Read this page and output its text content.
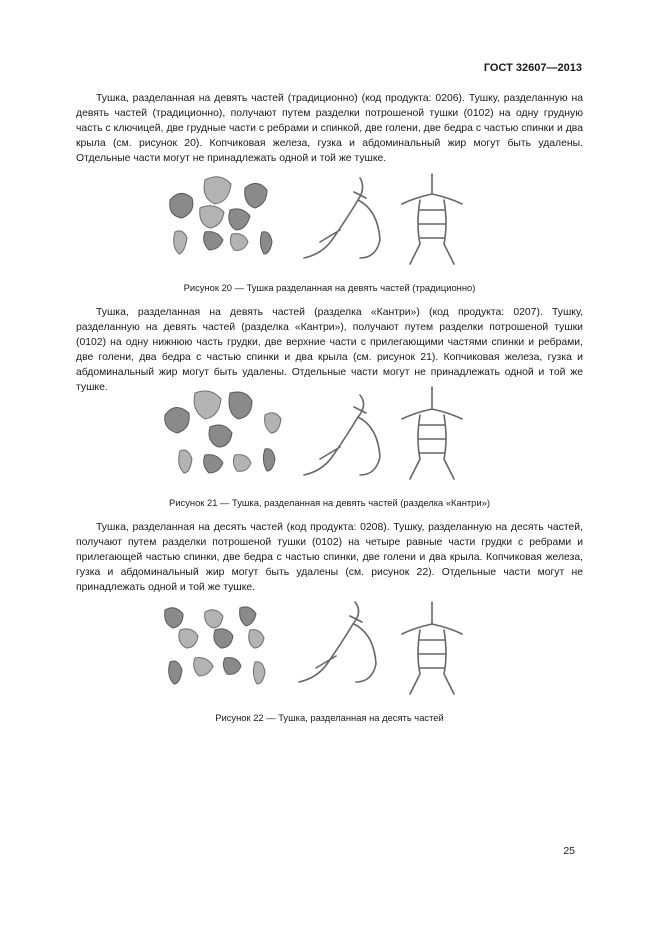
ГОСТ 32607—2013

Тушка, разделанная на девять частей (традиционно) (код продукта: 0206). Тушку, разделанную на девять частей (традиционно), получают путем разделки потрошеной тушки (0102) на одну грудную часть с ключицей, две грудные части с ребрами и спинкой, две голени, две бедра с частью спинки и два крыла (см. рисунок 20). Копчиковая железа, гузка и абдоминальный жир могут быть удалены. Отдельные части могут не принадлежать одной и той же тушке.

Рисунок 20 — Тушка разделанная на девять частей (традиционно)

Тушка, разделанная на девять частей (разделка «Кантри») (код продукта: 0207). Тушку, разделанную на девять частей (разделка «Кантри»), получают путем разделки потрошеной тушки (0102) на одну нижнюю часть грудки, две верхние части с прилегающими частями спинки и ребрами, две голени, два бедра с частью спинки и два крыла (см. рисунок 21). Копчиковая железа, гузка и абдоминальный жир могут быть удалены. Отдельные части могут не принадлежать одной и той же тушке.

Рисунок 21 — Тушка, разделанная на девять частей (разделка «Кантри»)

Тушка, разделанная на десять частей (код продукта: 0208). Тушку, разделанную на десять частей, получают путем разделки потрошеной тушки (0102) на четыре равные части грудки с ребрами и прилегающей частью спинки, две бедра с частью спинки, две голени и два крыла. Копчиковая железа, гузка и абдоминальный жир могут быть удалены (см. рисунок 22). Отдельные части могут не принадлежать одной и той же тушке.

Рисунок 22 — Тушка, разделанная на десять частей
25
